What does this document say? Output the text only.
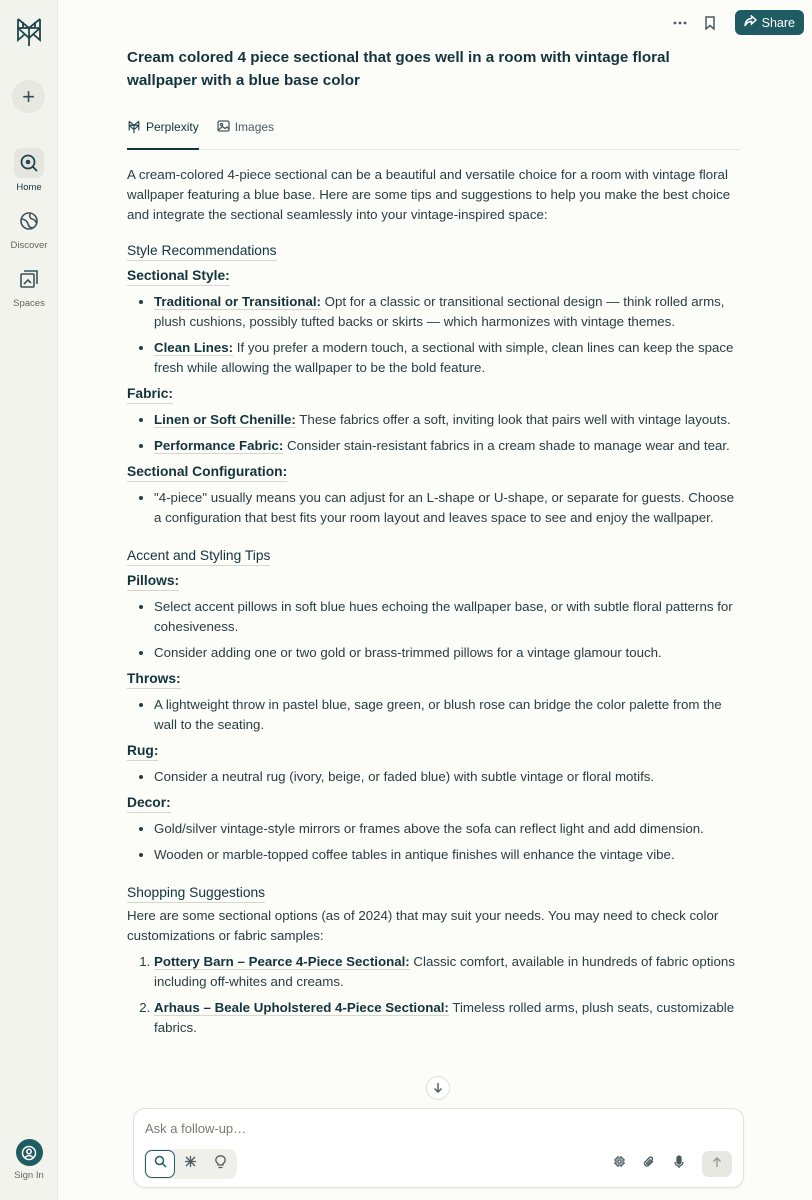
+
Home
Discover
Spaces
Sign In
Share
Cream colored 4 piece sectional that goes well in a room with vintage floral wallpaper with a blue base color
Perplexity	Images

A cream-colored 4-piece sectional can be a beautiful and versatile choice for a room with vintage floral wallpaper featuring a blue base. Here are some tips and suggestions to help you make the best choice and integrate the sectional seamlessly into your vintage-inspired space:

Style Recommendations
Sectional Style:
• Traditional or Transitional: Opt for a classic or transitional sectional design — think rolled arms, plush cushions, possibly tufted backs or skirts — which harmonizes with vintage themes.
• Clean Lines: If you prefer a modern touch, a sectional with simple, clean lines can keep the space fresh while allowing the wallpaper to be the bold feature.
Fabric:
• Linen or Soft Chenille: These fabrics offer a soft, inviting look that pairs well with vintage layouts.
• Performance Fabric: Consider stain-resistant fabrics in a cream shade to manage wear and tear.
Sectional Configuration:
• "4-piece" usually means you can adjust for an L-shape or U-shape, or separate for guests. Choose a configuration that best fits your room layout and leaves space to see and enjoy the wallpaper.
Accent and Styling Tips
Pillows:
• Select accent pillows in soft blue hues echoing the wallpaper base, or with subtle floral patterns for cohesiveness.
• Consider adding one or two gold or brass-trimmed pillows for a vintage glamour touch.
Throws:
• A lightweight throw in pastel blue, sage green, or blush rose can bridge the color palette from the wall to the seating.
Rug:
• Consider a neutral rug (ivory, beige, or faded blue) with subtle vintage or floral motifs.
Decor:
• Gold/silver vintage-style mirrors or frames above the sofa can reflect light and add dimension.
• Wooden or marble-topped coffee tables in antique finishes will enhance the vintage vibe.
Shopping Suggestions

Here are some sectional options (as of 2024) that may suit your needs. You may need to check color customizations or fabric samples:

1. Pottery Barn – Pearce 4-Piece Sectional: Classic comfort, available in hundreds of fabric options including off-whites and creams.
2. Arhaus – Beale Upholstered 4-Piece Sectional: Timeless rolled arms, plush seats, customizable fabrics.
Ask a follow-up…
